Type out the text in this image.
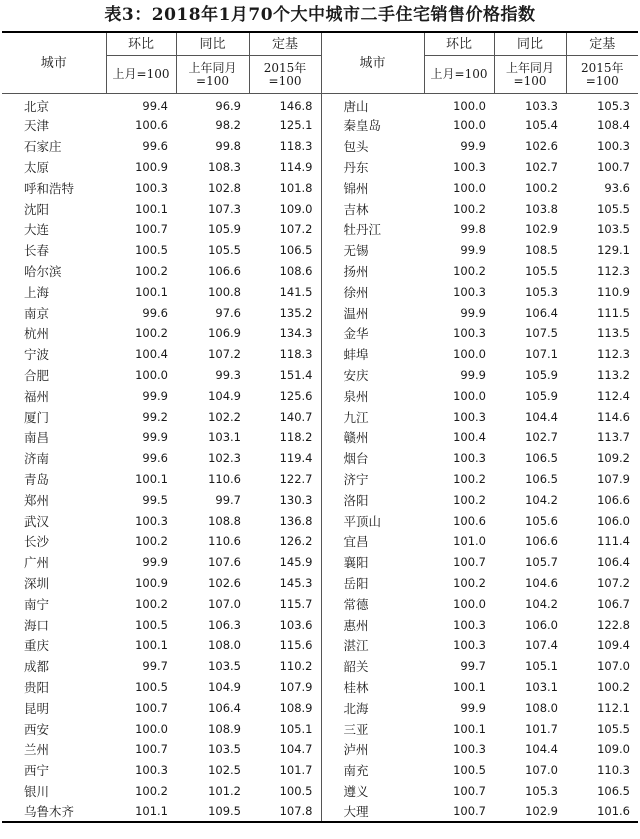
表3：2018年1月70个大中城市二手住宅销售价格指数
城市	环比	同比	定基	城市	环比	同比	定基
	上月=100	上年同月=100	2015年=100		上月=100	上年同月=100	2015年=100
北京	99.4	96.9	146.8	唐山	100.0	103.3	105.3
天津	100.6	98.2	125.1	秦皇岛	100.0	105.4	108.4
石家庄	99.6	99.8	118.3	包头	99.9	102.6	100.3
太原	100.9	108.3	114.9	丹东	100.3	102.7	100.7
呼和浩特	100.3	102.8	101.8	锦州	100.0	100.2	93.6
沈阳	100.1	107.3	109.0	吉林	100.2	103.8	105.5
大连	100.7	105.9	107.2	牡丹江	99.8	102.9	103.5
长春	100.5	105.5	106.5	无锡	99.9	108.5	129.1
哈尔滨	100.2	106.6	108.6	扬州	100.2	105.5	112.3
上海	100.1	100.8	141.5	徐州	100.3	105.3	110.9
南京	99.6	97.6	135.2	温州	99.9	106.4	111.5
杭州	100.2	106.9	134.3	金华	100.3	107.5	113.5
宁波	100.4	107.2	118.3	蚌埠	100.0	107.1	112.3
合肥	100.0	99.3	151.4	安庆	99.9	105.9	113.2
福州	99.9	104.9	125.6	泉州	100.0	105.9	112.4
厦门	99.2	102.2	140.7	九江	100.3	104.4	114.6
南昌	99.9	103.1	118.2	赣州	100.4	102.7	113.7
济南	99.6	102.3	119.4	烟台	100.3	106.5	109.2
青岛	100.1	110.6	122.7	济宁	100.2	106.5	107.9
郑州	99.5	99.7	130.3	洛阳	100.2	104.2	106.6
武汉	100.3	108.8	136.8	平顶山	100.6	105.6	106.0
长沙	100.2	110.6	126.2	宜昌	101.0	106.6	111.4
广州	99.9	107.6	145.9	襄阳	100.7	105.7	106.4
深圳	100.9	102.6	145.3	岳阳	100.2	104.6	107.2
南宁	100.2	107.0	115.7	常德	100.0	104.2	106.7
海口	100.5	106.3	103.6	惠州	100.3	106.0	122.8
重庆	100.1	108.0	115.6	湛江	100.3	107.4	109.4
成都	99.7	103.5	110.2	韶关	99.7	105.1	107.0
贵阳	100.5	104.9	107.9	桂林	100.1	103.1	100.2
昆明	100.7	106.4	108.9	北海	99.9	108.0	112.1
西安	100.0	108.9	105.1	三亚	100.1	101.7	105.5
兰州	100.7	103.5	104.7	泸州	100.3	104.4	109.0
西宁	100.3	102.5	101.7	南充	100.5	107.0	110.3
银川	100.2	101.2	100.5	遵义	100.7	105.3	106.5
乌鲁木齐	101.1	109.5	107.8	大理	100.7	102.9	101.6
